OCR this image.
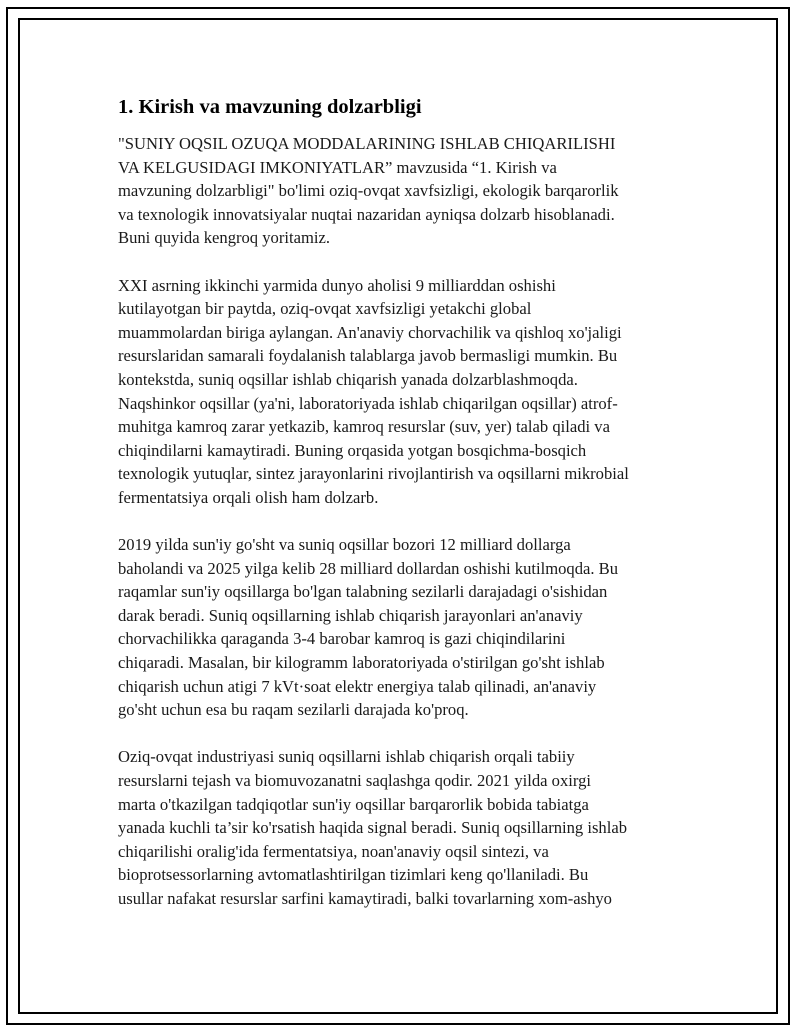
1. Kirish va mavzuning dolzarbligi
"SUNIY OQSIL OZUQA MODDALARINING ISHLAB CHIQARILISHI
VA KELGUSIDAGI IMKONIYATLAR” mavzusida “1. Kirish va
mavzuning dolzarbligi" bo'limi oziq-ovqat xavfsizligi, ekologik barqarorlik
va texnologik innovatsiyalar nuqtai nazaridan ayniqsa dolzarb hisoblanadi.
Buni quyida kengroq yoritamiz.
XXI asrning ikkinchi yarmida dunyo aholisi 9 milliarddan oshishi
kutilayotgan bir paytda, oziq-ovqat xavfsizligi yetakchi global
muammolardan biriga aylangan. An'anaviy chorvachilik va qishloq xo'jaligi
resurslaridan samarali foydalanish talablarga javob bermasligi mumkin. Bu
kontekstda, suniq oqsillar ishlab chiqarish yanada dolzarblashmoqda.
Naqshinkor oqsillar (ya'ni, laboratoriyada ishlab chiqarilgan oqsillar) atrof-
muhitga kamroq zarar yetkazib, kamroq resurslar (suv, yer) talab qiladi va
chiqindilarni kamaytiradi. Buning orqasida yotgan bosqichma-bosqich
texnologik yutuqlar, sintez jarayonlarini rivojlantirish va oqsillarni mikrobial
fermentatsiya orqali olish ham dolzarb.
2019 yilda sun'iy go'sht va suniq oqsillar bozori 12 milliard dollarga
baholandi va 2025 yilga kelib 28 milliard dollardan oshishi kutilmoqda. Bu
raqamlar sun'iy oqsillarga bo'lgan talabning sezilarli darajadagi o'sishidan
darak beradi. Suniq oqsillarning ishlab chiqarish jarayonlari an'anaviy
chorvachilikka qaraganda 3-4 barobar kamroq is gazi chiqindilarini
chiqaradi. Masalan, bir kilogramm laboratoriyada o'stirilgan go'sht ishlab
chiqarish uchun atigi 7 kVt·soat elektr energiya talab qilinadi, an'anaviy
go'sht uchun esa bu raqam sezilarli darajada ko'proq.
Oziq-ovqat industriyasi suniq oqsillarni ishlab chiqarish orqali tabiiy
resurslarni tejash va biomuvozanatni saqlashga qodir. 2021 yilda oxirgi
marta o'tkazilgan tadqiqotlar sun'iy oqsillar barqarorlik bobida tabiatga
yanada kuchli ta’sir ko'rsatish haqida signal beradi. Suniq oqsillarning ishlab
chiqarilishi oralig'ida fermentatsiya, noan'anaviy oqsil sintezi, va
bioprotsessorlarning avtomatlashtirilgan tizimlari keng qo'llaniladi. Bu
usullar nafakat resurslar sarfini kamaytiradi, balki tovarlarning xom-ashyo
